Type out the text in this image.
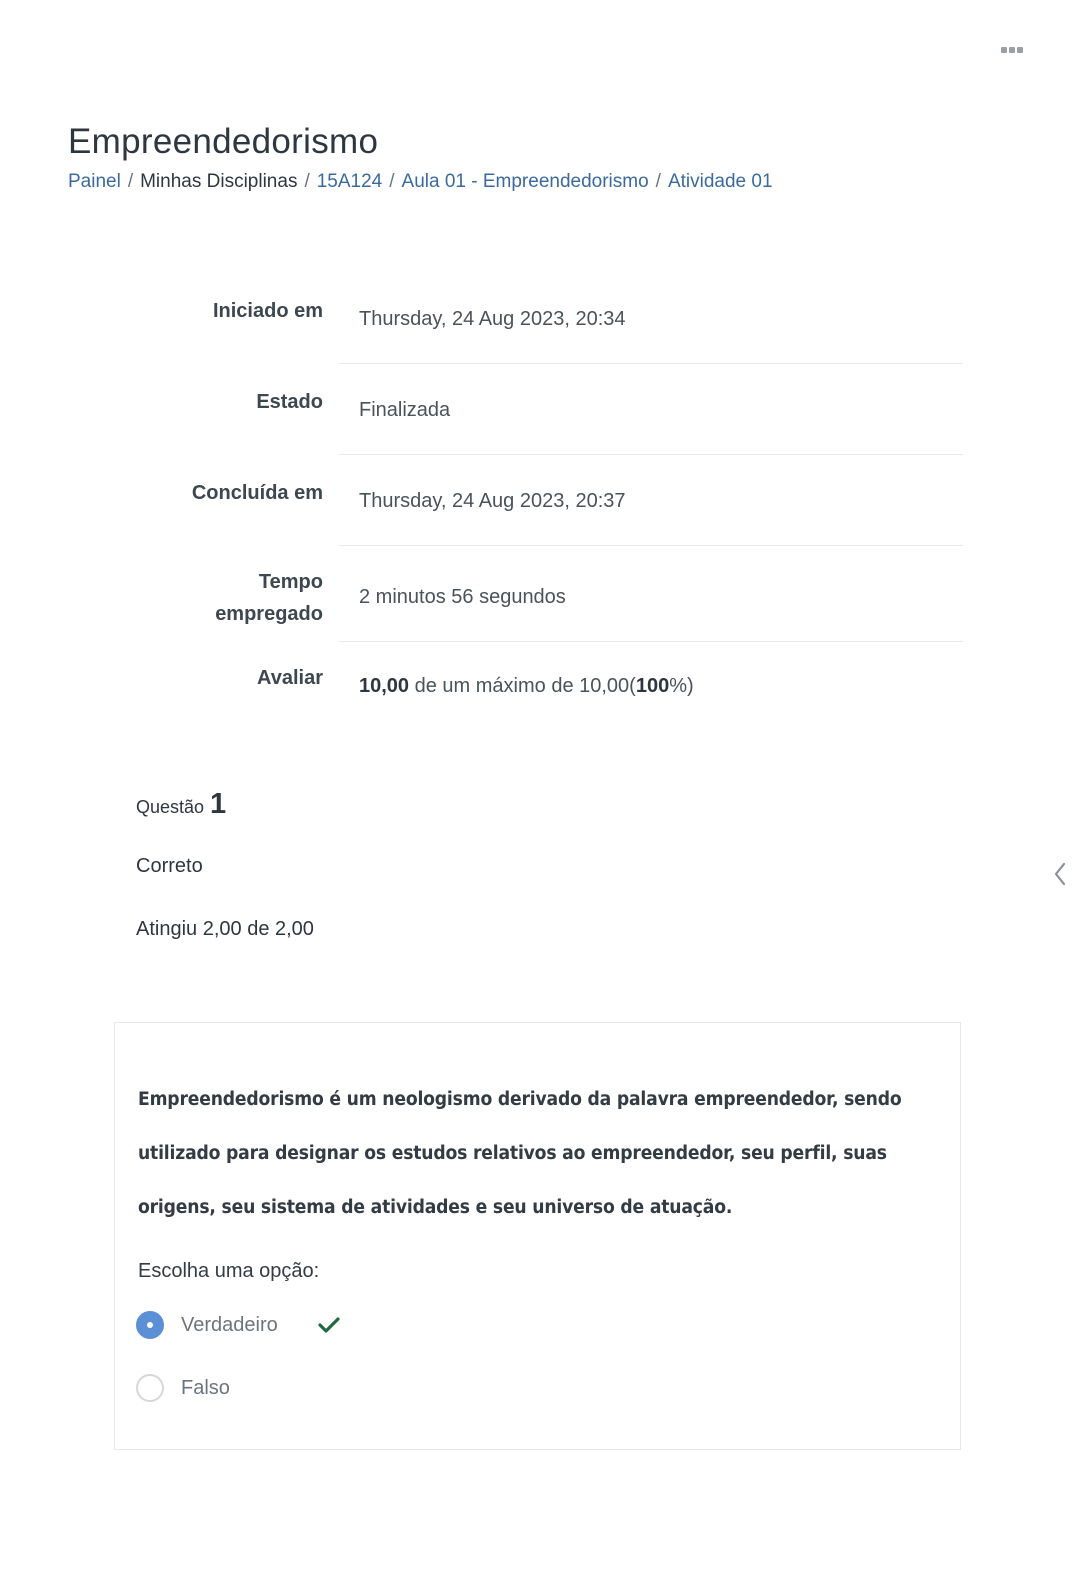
Empreendedorismo
Painel / Minhas Disciplinas / 15A124 / Aula 01 - Empreendedorismo / Atividade 01
Iniciado em	Thursday, 24 Aug 2023, 20:34
Estado	Finalizada
Concluída em	Thursday, 24 Aug 2023, 20:37
Tempo
empregado	2 minutos 56 segundos
Avaliar	10,00 de um máximo de 10,00(100%)
Questão 1
Correto
Atingiu 2,00 de 2,00
Empreendedorismo é um neologismo derivado da palavra empreendedor, sendo utilizado para designar os estudos relativos ao empreendedor, seu perfil, suas origens, seu sistema de atividades e seu universo de atuação.
Escolha uma opção:
Verdadeiro
Falso
